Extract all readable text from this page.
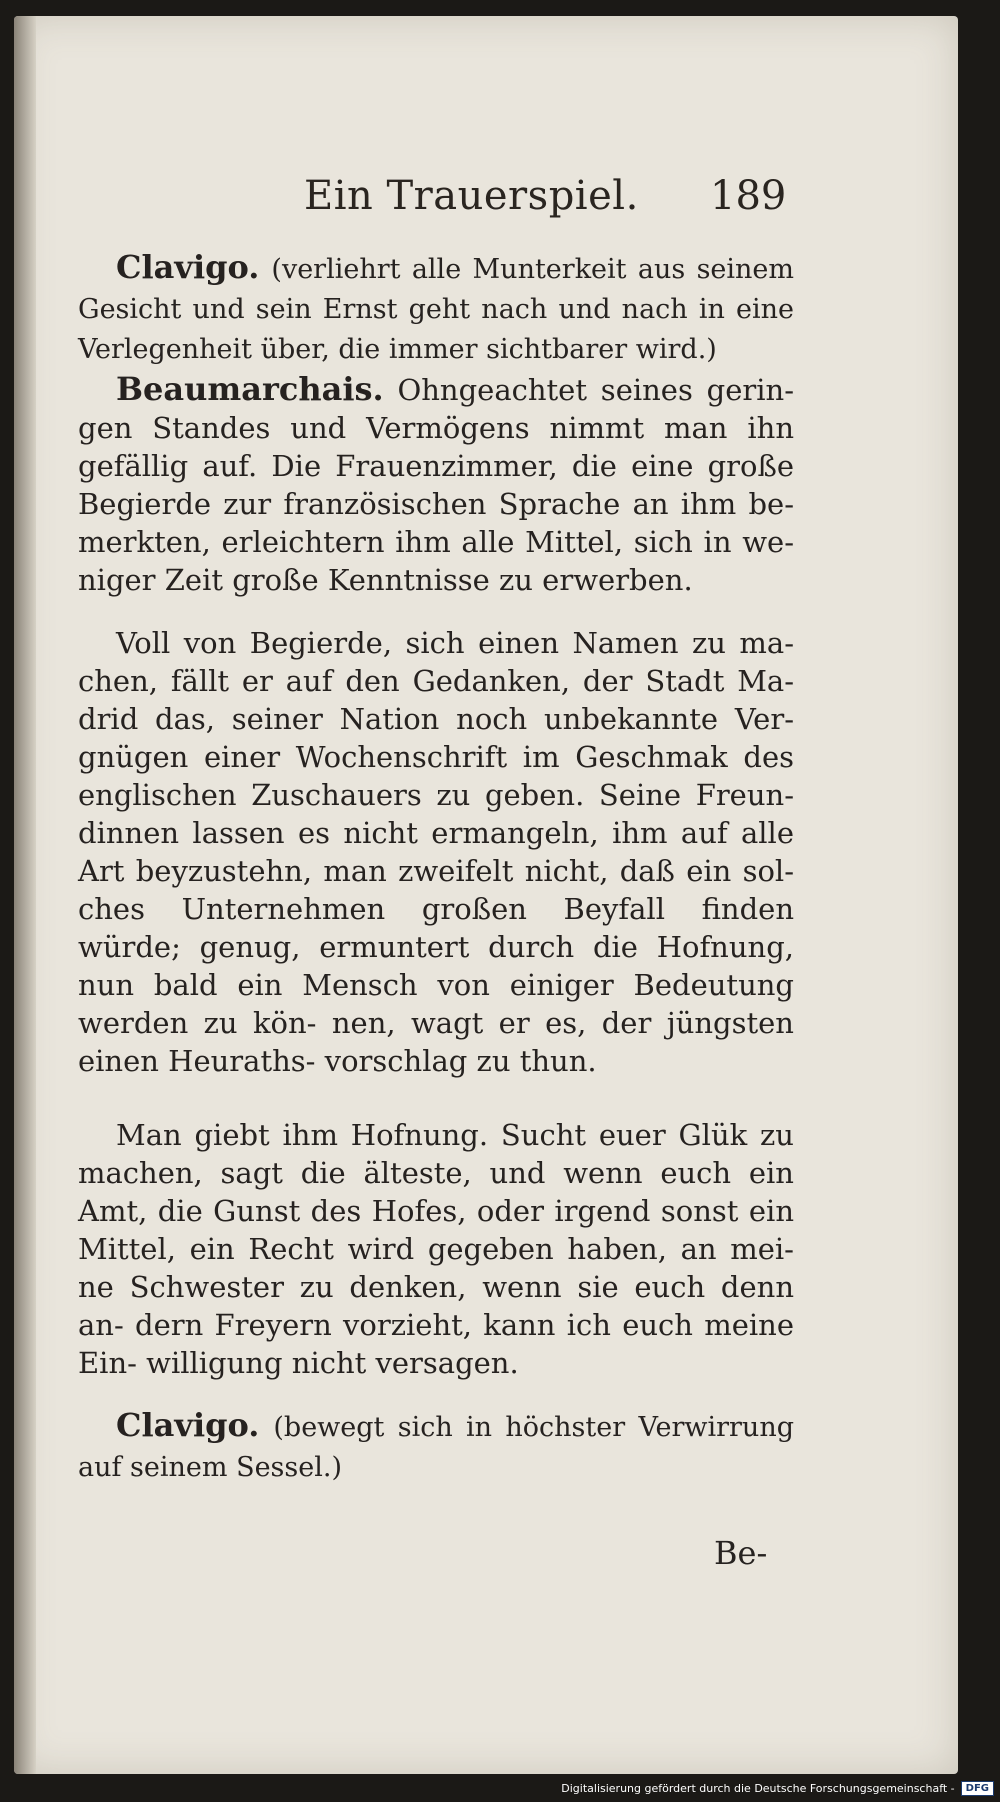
Ein Trauerspiel. 189

Clavigo. (verliehrt alle Munterkeit aus seinem Gesicht und sein Ernst geht nach und nach in eine Verlegenheit über, die immer sichtbarer wird.)

Beaumarchais. Ohngeachtet seines gerin- gen Standes und Vermögens nimmt man ihn gefällig auf. Die Frauenzimmer, die eine große Begierde zur französischen Sprache an ihm be- merkten, erleichtern ihm alle Mittel, sich in we- niger Zeit große Kenntnisse zu erwerben.

Voll von Begierde, sich einen Namen zu ma- chen, fällt er auf den Gedanken, der Stadt Ma- drid das, seiner Nation noch unbekannte Ver- gnügen einer Wochenschrift im Geschmak des englischen Zuschauers zu geben. Seine Freun- dinnen lassen es nicht ermangeln, ihm auf alle Art beyzustehn, man zweifelt nicht, daß ein sol- ches Unternehmen großen Beyfall finden würde; genug, ermuntert durch die Hofnung, nun bald ein Mensch von einiger Bedeutung werden zu kön- nen, wagt er es, der jüngsten einen Heuraths- vorschlag zu thun.

Man giebt ihm Hofnung. Sucht euer Glük zu machen, sagt die älteste, und wenn euch ein Amt, die Gunst des Hofes, oder irgend sonst ein Mittel, ein Recht wird gegeben haben, an mei- ne Schwester zu denken, wenn sie euch denn an- dern Freyern vorzieht, kann ich euch meine Ein- willigung nicht versagen.

Clavigo. (bewegt sich in höchster Verwirrung auf seinem Sessel.)

Be-
Digitalisierung gefördert durch die Deutsche Forschungsgemeinschaft -	DFG
